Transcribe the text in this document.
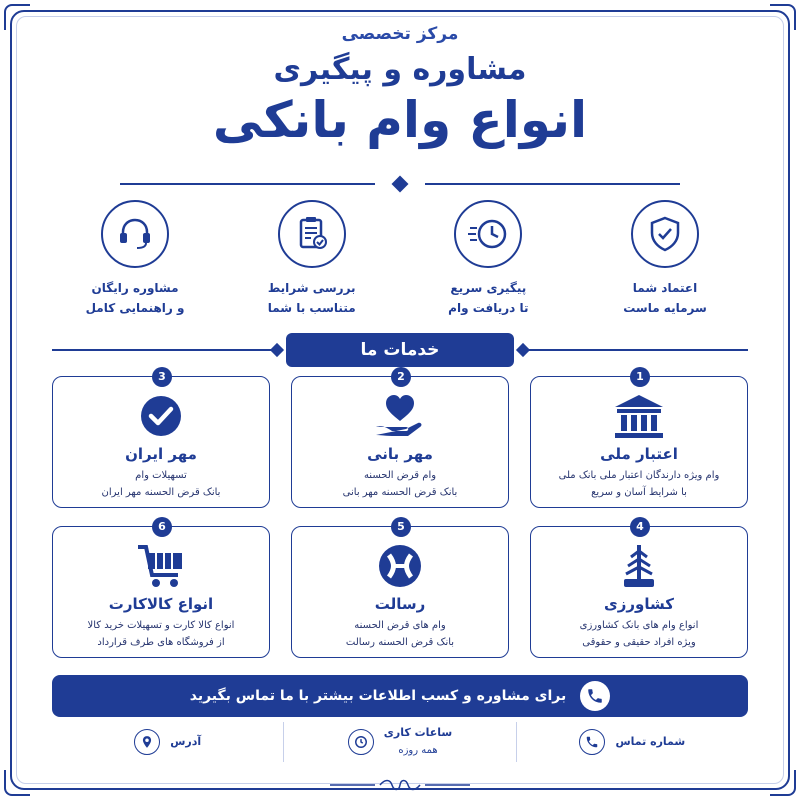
مرکز تخصصی
مشاوره و پیگیری
انواع وام بانکی
اعتماد شما
سرمایه ماست
پیگیری سریع
تا دریافت وام
بررسی شرایط
متناسب با شما
مشاوره رایگان
و راهنمایی کامل
خدمات ما
3
مهر ایران
تسهیلات وام
بانک قرض الحسنه مهر ایران
2
مهر بانی
وام قرض الحسنه
بانک قرض الحسنه مهر بانی
1
اعتبار ملی
وام ویژه دارندگان اعتبار ملی بانک ملی
با شرایط آسان و سریع
6
انواع کالاکارت
انواع کالا کارت و تسهیلات خرید کالا
از فروشگاه های طرف قرارداد
5
رسالت
وام های قرض الحسنه
بانک قرض الحسنه رسالت
4
کشاورزی
انواع وام های بانک کشاورزی
ویژه افراد حقیقی و حقوقی
برای مشاوره و کسب اطلاعات بیشتر با ما تماس بگیرید
شماره تماس
ساعات کاری
همه روزه
آدرس
